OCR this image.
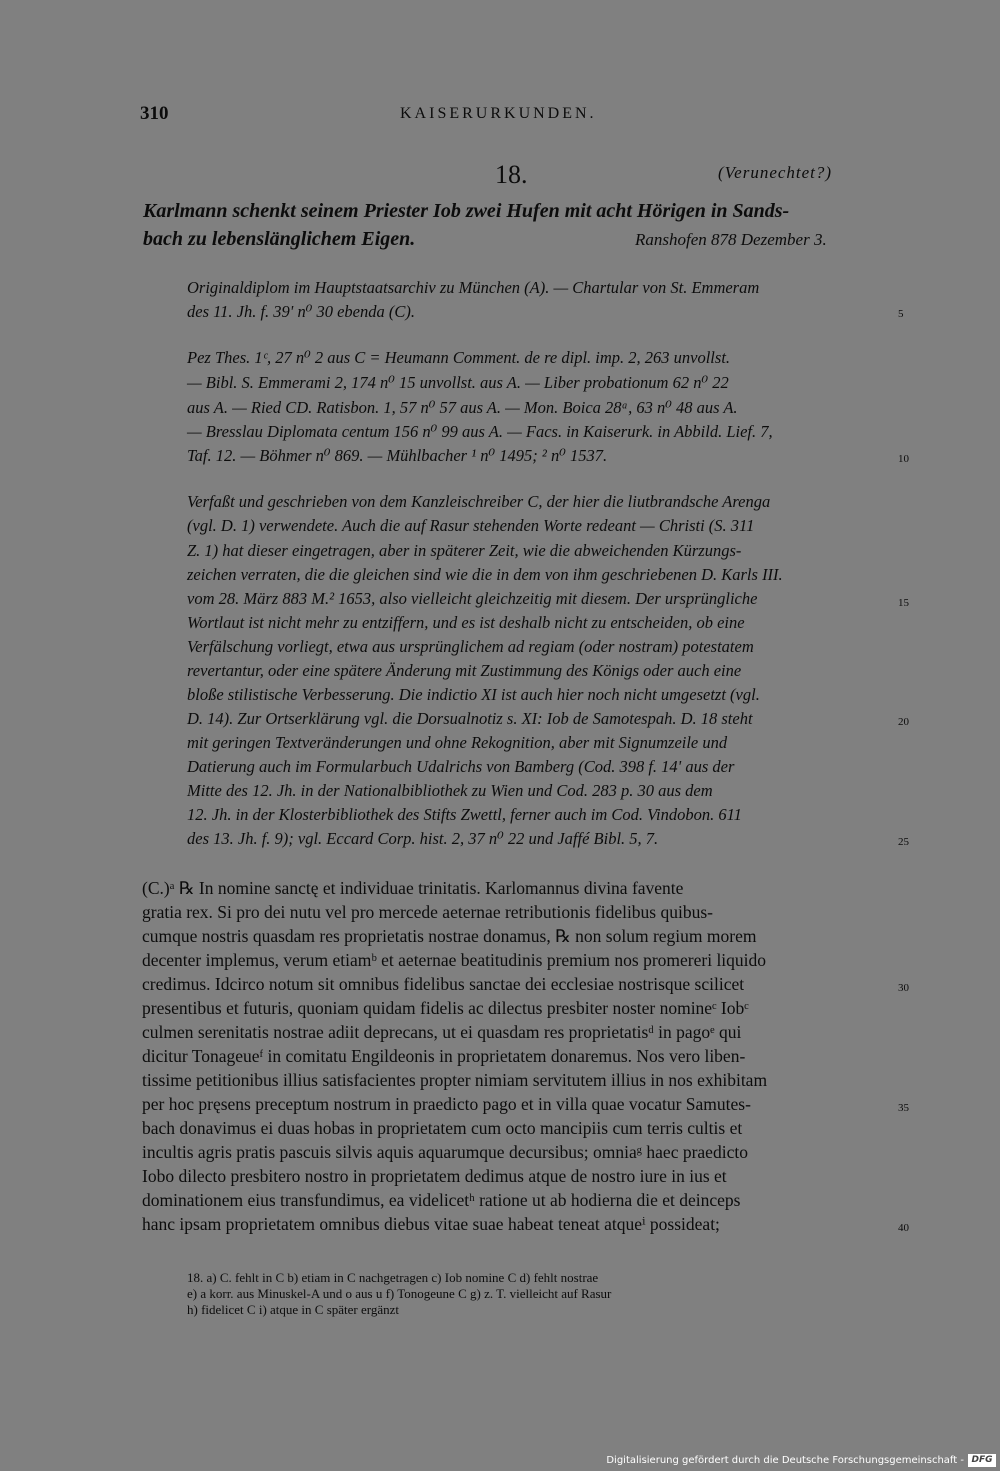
310	KAISERURKUNDEN.
18.	(Verunechtet?)
Karlmann schenkt seinem Priester Iob zwei Hufen mit acht Hörigen in Sands-
bach zu lebenslänglichem Eigen.	Ranshofen 878 Dezember 3.
Originaldiplom im Hauptstaatsarchiv zu München (A). — Chartular von St. Emmeram
des 11. Jh. f. 39' n⁰ 30 ebenda (C).
Pez Thes. 1ᶜ, 27 n⁰ 2 aus C = Heumann Comment. de re dipl. imp. 2, 263 unvollst.
— Bibl. S. Emmerami 2, 174 n⁰ 15 unvollst. aus A. — Liber probationum 62 n⁰ 22
aus A. — Ried CD. Ratisbon. 1, 57 n⁰ 57 aus A. — Mon. Boica 28ᵃ, 63 n⁰ 48 aus A.
— Bresslau Diplomata centum 156 n⁰ 99 aus A. — Facs. in Kaiserurk. in Abbild. Lief. 7,
Taf. 12. — Böhmer n⁰ 869. — Mühlbacher ¹ n⁰ 1495; ² n⁰ 1537.
Verfaßt und geschrieben von dem Kanzleischreiber C, der hier die liutbrandsche Arenga
(vgl. D. 1) verwendete. Auch die auf Rasur stehenden Worte redeant — Christi (S. 311
Z. 1) hat dieser eingetragen, aber in späterer Zeit, wie die abweichenden Kürzungs-
zeichen verraten, die die gleichen sind wie die in dem von ihm geschriebenen D. Karls III.
vom 28. März 883 M.² 1653, also vielleicht gleichzeitig mit diesem. Der ursprüngliche
Wortlaut ist nicht mehr zu entziffern, und es ist deshalb nicht zu entscheiden, ob eine
Verfälschung vorliegt, etwa aus ursprünglichem ad regiam (oder nostram) potestatem
revertantur, oder eine spätere Änderung mit Zustimmung des Königs oder auch eine
bloße stilistische Verbesserung. Die indictio XI ist auch hier noch nicht umgesetzt (vgl.
D. 14). Zur Ortserklärung vgl. die Dorsualnotiz s. XI: Iob de Samotespah. D. 18 steht
mit geringen Textveränderungen und ohne Rekognition, aber mit Signumzeile und
Datierung auch im Formularbuch Udalrichs von Bamberg (Cod. 398 f. 14' aus der
Mitte des 12. Jh. in der Nationalbibliothek zu Wien und Cod. 283 p. 30 aus dem
12. Jh. in der Klosterbibliothek des Stifts Zwettl, ferner auch im Cod. Vindobon. 611
des 13. Jh. f. 9); vgl. Eccard Corp. hist. 2, 37 n⁰ 22 und Jaffé Bibl. 5, 7.
(C.)ᵃ ℞ In nomine sanctę et individuae trinitatis. Karlomannus divina favente
gratia rex. Si pro dei nutu vel pro mercede aeternae retributionis fidelibus quibus-
cumque nostris quasdam res proprietatis nostrae donamus, ℞ non solum regium morem
decenter implemus, verum etiamᵇ et aeternae beatitudinis premium nos promereri liquido
credimus. Idcirco notum sit omnibus fidelibus sanctae dei ecclesiae nostrisque scilicet
presentibus et futuris, quoniam quidam fidelis ac dilectus presbiter noster nomineᶜ Iobᶜ
culmen serenitatis nostrae adiit deprecans, ut ei quasdam res proprietatisᵈ in pagoᵉ qui
dicitur Tonageueᶠ in comitatu Engildeonis in proprietatem donaremus. Nos vero liben-
tissime petitionibus illius satisfacientes propter nimiam servitutem illius in nos exhibitam
per hoc pręsens preceptum nostrum in praedicto pago et in villa quae vocatur Samutes-
bach donavimus ei duas hobas in proprietatem cum octo mancipiis cum terris cultis et
incultis agris pratis pascuis silvis aquis aquarumque decursibus; omniaᵍ haec praedicto
Iobo dilecto presbitero nostro in proprietatem dedimus atque de nostro iure in ius et
dominationem eius transfundimus, ea videlicetʰ ratione ut ab hodierna die et deinceps
hanc ipsam proprietatem omnibus diebus vitae suae habeat teneat atqueⁱ possideat;
5
10
15
20
25
30
35
40
18. a) C. fehlt in C b) etiam in C nachgetragen c) Iob nomine C d) fehlt nostrae
e) a korr. aus Minuskel-A und o aus u f) Tonogeune C g) z. T. vielleicht auf Rasur
h) fidelicet C i) atque in C später ergänzt
Digitalisierung gefördert durch die Deutsche Forschungsgemeinschaft - DFG
